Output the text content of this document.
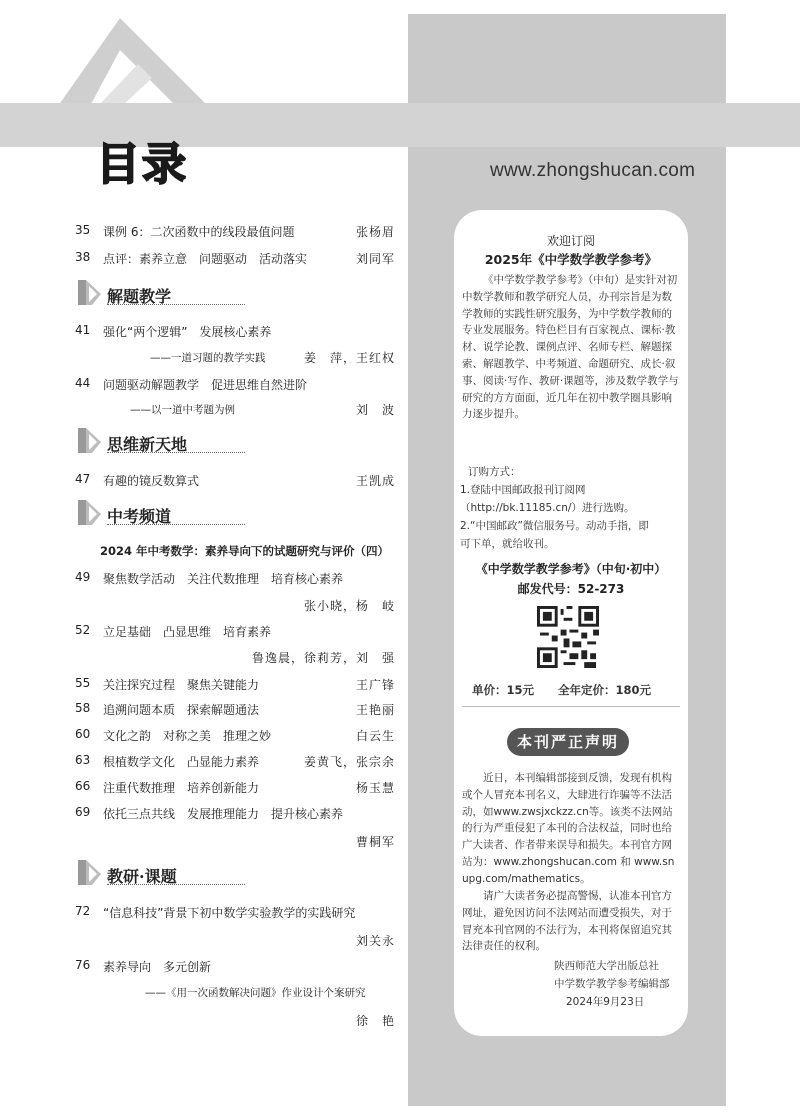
目录	www.zhongshucan.com
35 课例 6：二次函数中的线段最值问题	张杨眉
38 点评：素养立意　问题驱动　活动落实	刘同军
解题教学
41 强化“两个逻辑”　发展核心素养
——一道习题的教学实践	姜　萍，王红权
44 问题驱动解题教学　促进思维自然进阶
——以一道中考题为例	刘　波
思维新天地
47 有趣的镜反数算式	王凯成
中考频道
2024 年中考数学：素养导向下的试题研究与评价（四）
49 聚焦数学活动　关注代数推理　培育核心素养
张小晓，杨　岐
52 立足基础　凸显思维　培育素养
鲁逸晨，徐莉芳，刘　强
55 关注探究过程　聚焦关键能力	王广锋
58 追溯问题本质　探索解题通法	王艳丽
60 文化之韵　对称之美　推理之妙	白云生
63 根植数学文化　凸显能力素养	姜黄飞，张宗余
66 注重代数推理　培养创新能力	杨玉慧
69 依托三点共线　发展推理能力　提升核心素养
曹桐军
教研·课题
72 “信息科技”背景下初中数学实验教学的实践研究
刘关永
76 素养导向　多元创新
——《用一次函数解决问题》作业设计个案研究
徐　艳
欢迎订阅
2025年《中学数学教学参考》
《中学数学教学参考》（中旬）是实针对初中数学教师和教学研究人员，办刊宗旨是为数学教师的实践性研究服务，为中学数学教师的专业发展服务。特色栏目有百家视点、课标·教材、说学论教、课例点评、名师专栏、解题探索、解题教学、中考频道、命题研究、成长·叙事、阅读·写作、教研·课题等，涉及数学教学与研究的方方面面，近几年在初中教学圈具影响力逐步提升。
订购方式：
1.登陆中国邮政报刊订阅网
（http://bk.11185.cn/）进行选购。
2.“中国邮政”微信服务号。动动手指，即
可下单，就给收刊。
《中学数学教学参考》（中旬·初中）
邮发代号：52-273
单价：15元 全年定价：180元
本刊严正声明
近日，本刊编辑部接到反馈，发现有机构或个人冒充本刊名义，大肆进行诈骗等不法活动，如www.zwsjxckzz.cn等。该类不法网站的行为严重侵犯了本刊的合法权益，同时也给广大读者、作者带来误导和损失。本刊官方网站为：www.zhongshucan.com 和 www.snupg.com/mathematics。
请广大读者务必提高警惕，认准本刊官方网址，避免因访问不法网站而遭受损失，对于冒充本刊官网的不法行为，本刊将保留追究其法律责任的权利。
陕西师范大学出版总社
中学数学教学参考编辑部
2024年9月23日
